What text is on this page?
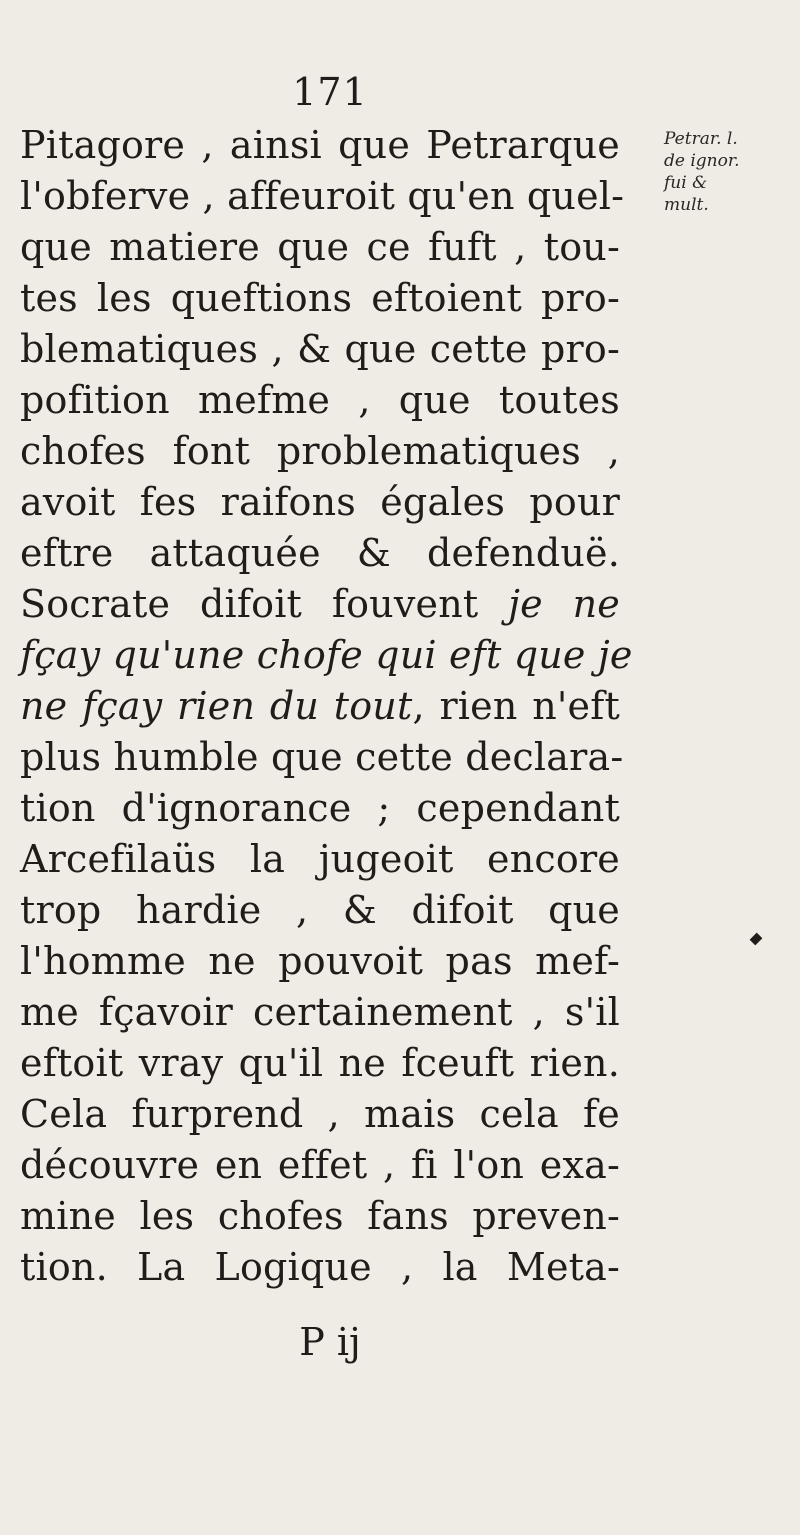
171
Pitagore , ainsi que Petrarque
l'obferve , affeuroit qu'en quel-
que matiere que ce fuft , tou-
tes les queftions eftoient pro-
blematiques , & que cette pro-
pofition mefme , que toutes
chofes font problematiques ,
avoit fes raifons égales pour
eftre attaquée & defenduë.
Socrate difoit fouvent je ne
fçay qu'une chofe qui eft que je
ne fçay rien du tout, rien n'eft
plus humble que cette declara-
tion d'ignorance ; cependant
Arcefilaüs la jugeoit encore
trop hardie , & difoit que
l'homme ne pouvoit pas mef-
me fçavoir certainement , s'il
eftoit vray qu'il ne fceuft rien.
Cela furprend , mais cela fe
découvre en effet , fi l'on exa-
mine les chofes fans preven-
tion. La Logique , la Meta-
Petrar. l.
de ignor.
fui &
mult.
P ij
